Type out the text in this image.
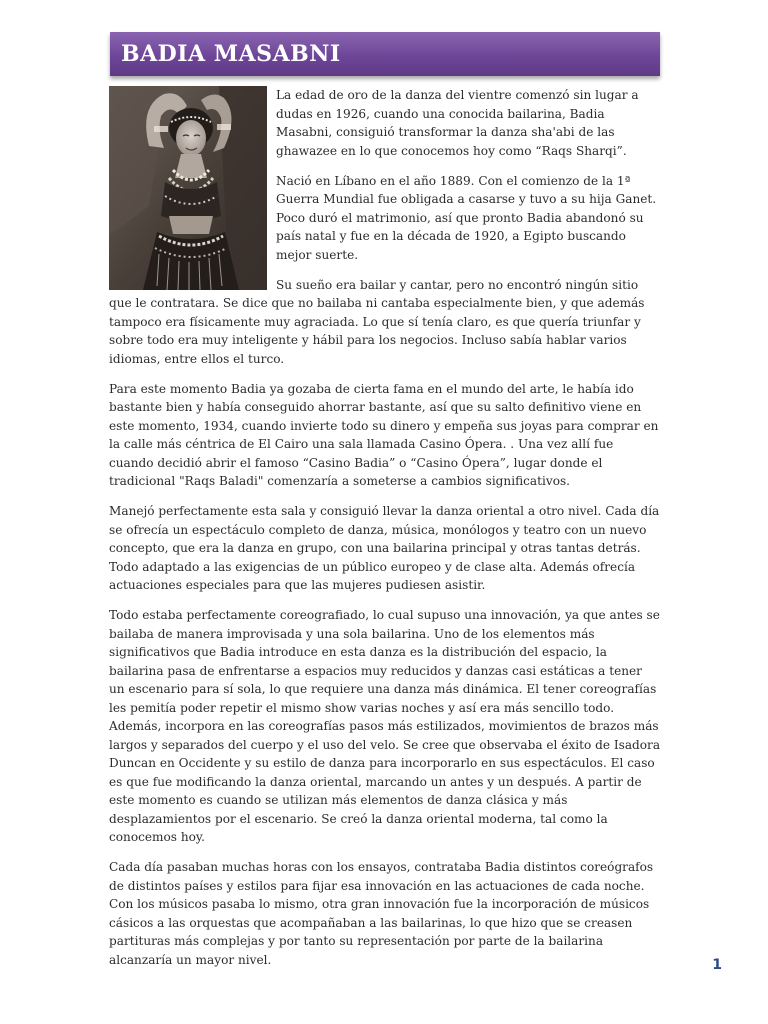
BADIA MASABNI

La edad de oro de la danza del vientre comenzó sin lugar a dudas en 1926, cuando una conocida bailarina, Badia Masabni, consiguió transformar la danza sha'abi de las ghawazee en lo que conocemos hoy como “Raqs Sharqi”.

Nació en Líbano en el año 1889. Con el comienzo de la 1ª Guerra Mundial fue obligada a casarse y tuvo a su hija Ganet. Poco duró el matrimonio, así que pronto Badia abandonó su país natal y fue en la década de 1920, a Egipto buscando mejor suerte.

Su sueño era bailar y cantar, pero no encontró ningún sitio que le contratara. Se dice que no bailaba ni cantaba especialmente bien, y que además tampoco era físicamente muy agraciada. Lo que sí tenía claro, es que quería triunfar y sobre todo era muy inteligente y hábil para los negocios. Incluso sabía hablar varios idiomas, entre ellos el turco.

Para este momento Badia ya gozaba de cierta fama en el mundo del arte, le había ido bastante bien y había conseguido ahorrar bastante, así que su salto definitivo viene en este momento, 1934, cuando invierte todo su dinero y empeña sus joyas para comprar en la calle más céntrica de El Cairo una sala llamada Casino Ópera. . Una vez allí fue cuando decidió abrir el famoso “Casino Badia” o “Casino Ópera”, lugar donde el tradicional "Raqs Baladi" comenzaría a someterse a cambios significativos.

Manejó perfectamente esta sala y consiguió llevar la danza oriental a otro nivel. Cada día se ofrecía un espectáculo completo de danza, música, monólogos y teatro con un nuevo concepto, que era la danza en grupo, con una bailarina principal y otras tantas detrás. Todo adaptado a las exigencias de un público europeo y de clase alta. Además ofrecía actuaciones especiales para que las mujeres pudiesen asistir.

Todo estaba perfectamente coreografiado, lo cual supuso una innovación, ya que antes se bailaba de manera improvisada y una sola bailarina. Uno de los elementos más significativos que Badia introduce en esta danza es la distribución del espacio, la bailarina pasa de enfrentarse a espacios muy reducidos y danzas casi estáticas a tener un escenario para sí sola, lo que requiere una danza más dinámica. El tener coreografías les pemitía poder repetir el mismo show varias noches y así era más sencillo todo. Además, incorpora en las coreografías pasos más estilizados, movimientos de brazos más largos y separados del cuerpo y el uso del velo. Se cree que observaba el éxito de Isadora Duncan en Occidente y su estilo de danza para incorporarlo en sus espectáculos. El caso es que fue modificando la danza oriental, marcando un antes y un después. A partir de este momento es cuando se utilizan más elementos de danza clásica y más desplazamientos por el escenario. Se creó la danza oriental moderna, tal como la conocemos hoy.

Cada día pasaban muchas horas con los ensayos, contrataba Badia distintos coreógrafos de distintos países y estilos para fijar esa innovación en las actuaciones de cada noche. Con los músicos pasaba lo mismo, otra gran innovación fue la incorporación de músicos cásicos a las orquestas que acompañaban a las bailarinas, lo que hizo que se creasen partituras más complejas y por tanto su representación por parte de la bailarina alcanzaría un mayor nivel.	1
